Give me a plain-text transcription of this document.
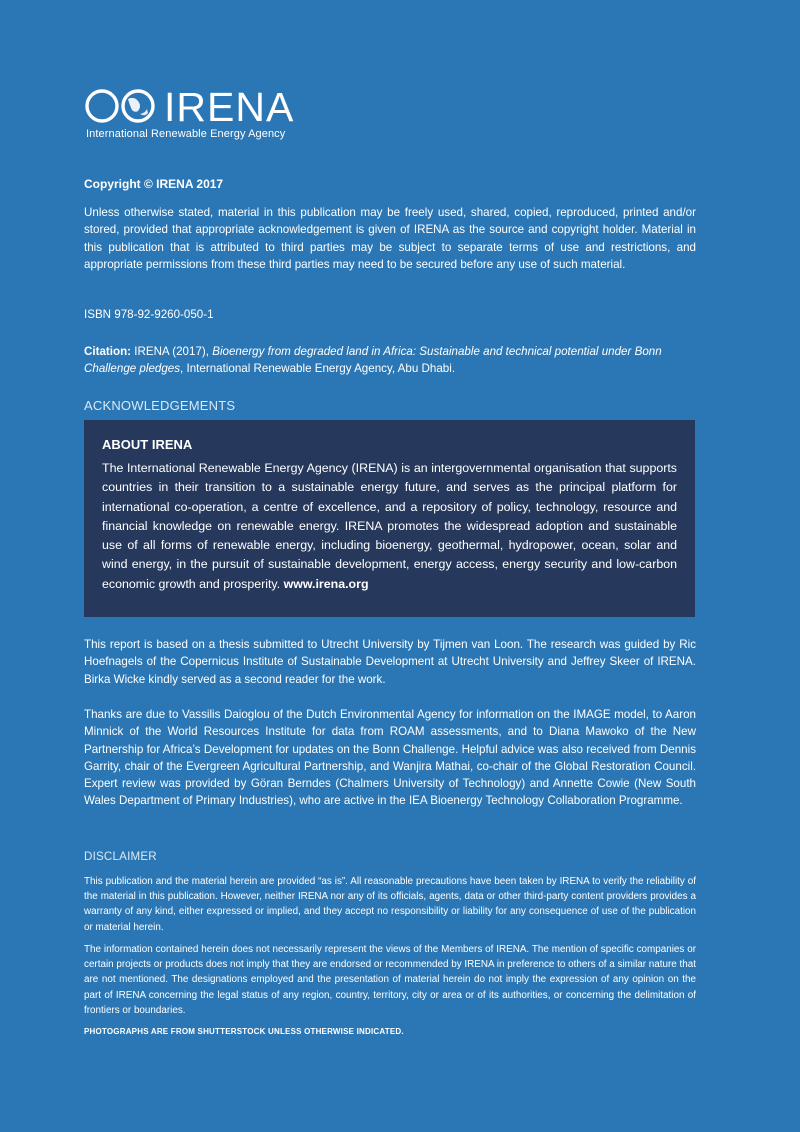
IRENA
International Renewable Energy Agency
Copyright © IRENA 2017

Unless otherwise stated, material in this publication may be freely used, shared, copied, reproduced, printed and/or stored, provided that appropriate acknowledgement is given of IRENA as the source and copyright holder. Material in this publication that is attributed to third parties may be subject to separate terms of use and restrictions, and appropriate permissions from these third parties may need to be secured before any use of such material.

ISBN 978-92-9260-050-1

Citation: IRENA (2017), Bioenergy from degraded land in Africa: Sustainable and technical potential under Bonn Challenge pledges, International Renewable Energy Agency, Abu Dhabi.

ACKNOWLEDGEMENTS
ABOUT IRENA

The International Renewable Energy Agency (IRENA) is an intergovernmental organisation that supports countries in their transition to a sustainable energy future, and serves as the principal platform for international co-operation, a centre of excellence, and a repository of policy, technology, resource and financial knowledge on renewable energy. IRENA promotes the widespread adoption and sustainable use of all forms of renewable energy, including bioenergy, geothermal, hydropower, ocean, solar and wind energy, in the pursuit of sustainable development, energy access, energy security and low-carbon economic growth and prosperity. www.irena.org

This report is based on a thesis submitted to Utrecht University by Tijmen van Loon. The research was guided by Ric Hoefnagels of the Copernicus Institute of Sustainable Development at Utrecht University and Jeffrey Skeer of IRENA. Birka Wicke kindly served as a second reader for the work.

Thanks are due to Vassilis Daioglou of the Dutch Environmental Agency for information on the IMAGE model, to Aaron Minnick of the World Resources Institute for data from ROAM assessments, and to Diana Mawoko of the New Partnership for Africa’s Development for updates on the Bonn Challenge. Helpful advice was also received from Dennis Garrity, chair of the Evergreen Agricultural Partnership, and Wanjira Mathai, co-chair of the Global Restoration Council. Expert review was provided by Göran Berndes (Chalmers University of Technology) and Annette Cowie (New South Wales Department of Primary Industries), who are active in the IEA Bioenergy Technology Collaboration Programme.

DISCLAIMER

This publication and the material herein are provided “as is”. All reasonable precautions have been taken by IRENA to verify the reliability of the material in this publication. However, neither IRENA nor any of its officials, agents, data or other third-party content providers provides a warranty of any kind, either expressed or implied, and they accept no responsibility or liability for any consequence of use of the publication or material herein.

The information contained herein does not necessarily represent the views of the Members of IRENA. The mention of specific companies or certain projects or products does not imply that they are endorsed or recommended by IRENA in preference to others of a similar nature that are not mentioned. The designations employed and the presentation of material herein do not imply the expression of any opinion on the part of IRENA concerning the legal status of any region, country, territory, city or area or of its authorities, or concerning the delimitation of frontiers or boundaries.

PHOTOGRAPHS ARE FROM SHUTTERSTOCK UNLESS OTHERWISE INDICATED.
